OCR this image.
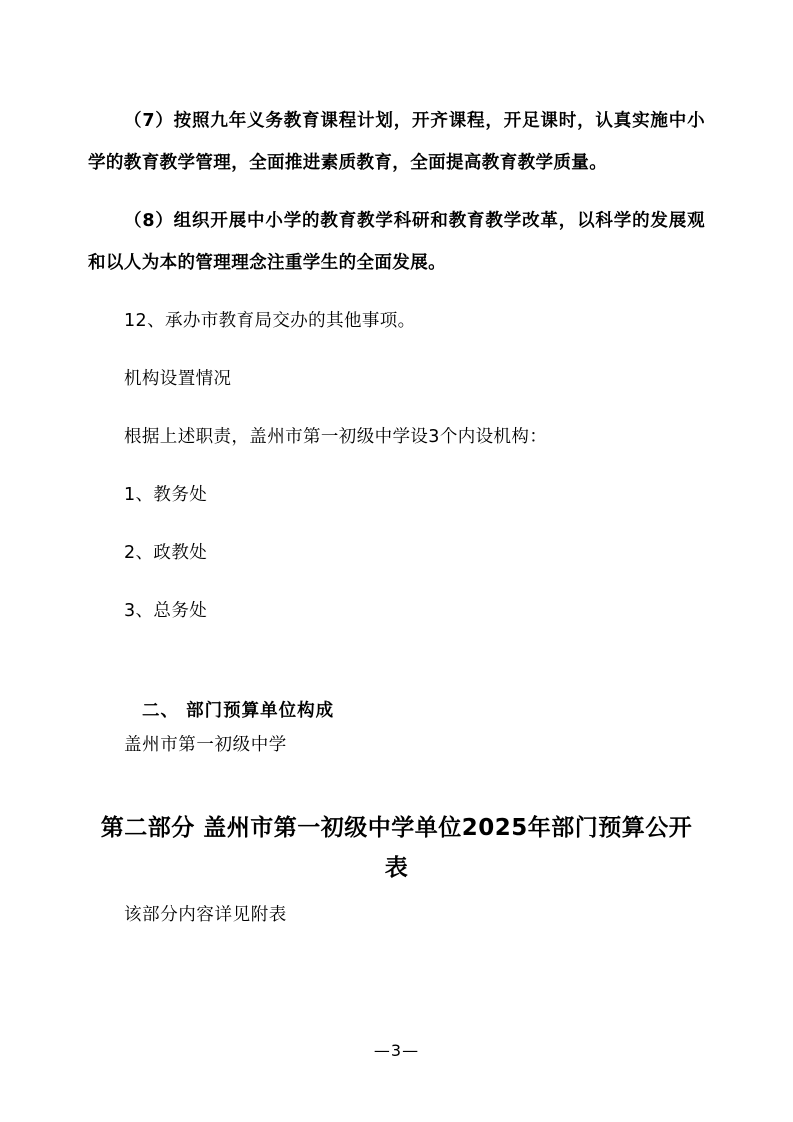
（7）按照九年义务教育课程计划，开齐课程，开足课时，认真实施中小学的教育教学管理，全面推进素质教育，全面提高教育教学质量。

（8）组织开展中小学的教育教学科研和教育教学改革，以科学的发展观和以人为本的管理理念注重学生的全面发展。

12、承办市教育局交办的其他事项。

机构设置情况

根据上述职责，盖州市第一初级中学设3个内设机构：

1、教务处

2、政教处

3、总务处

二、 部门预算单位构成

盖州市第一初级中学

第二部分 盖州市第一初级中学单位2025年部门预算公开表

该部分内容详见附表

—3—
